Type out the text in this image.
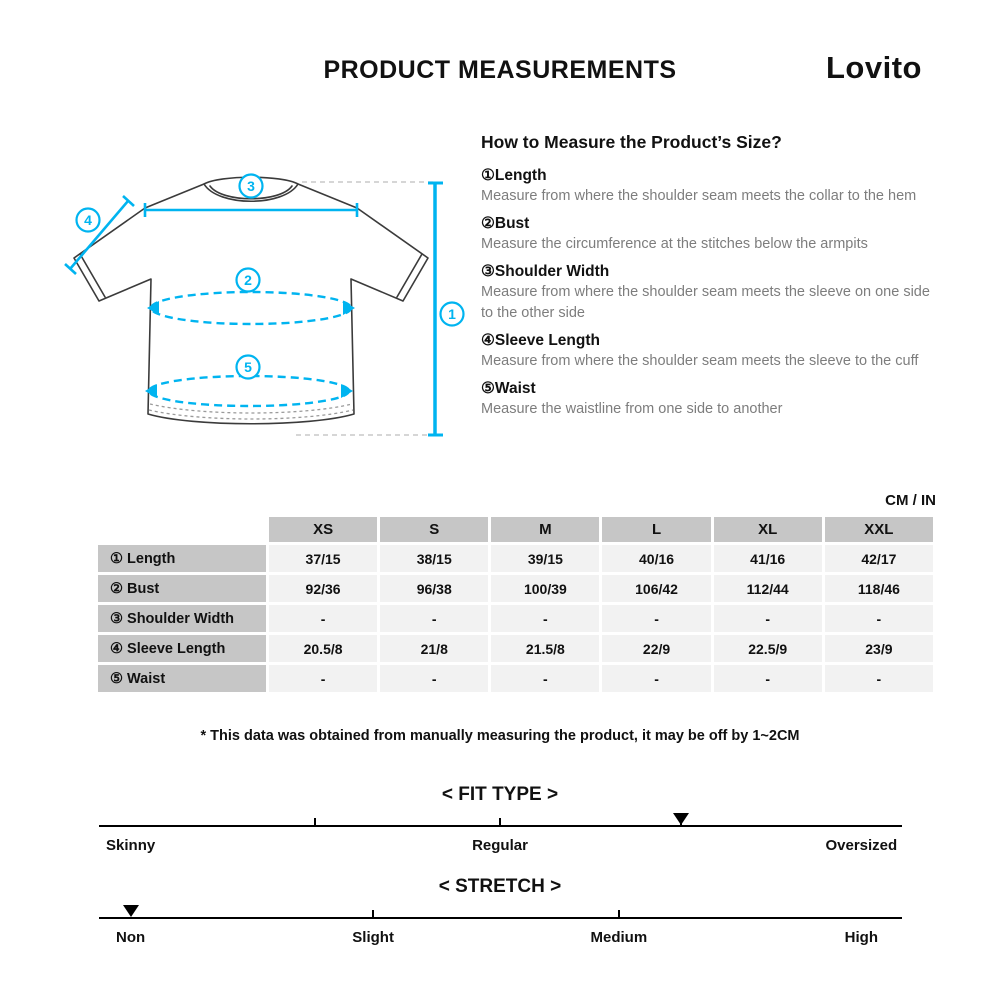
PRODUCT MEASUREMENTS	Lovito
3
4
2
5
1
How to Measure the Product’s Size?
①Length
Measure from where the shoulder seam meets the collar to the hem
②Bust
Measure the circumference at the stitches below the armpits
③Shoulder Width
Measure from where the shoulder seam meets the sleeve on one side to the other side
④Sleeve Length
Measure from where the shoulder seam meets the sleeve to the cuff
⑤Waist
Measure the waistline from one side to another
CM / IN
	XS	S	M	L	XL	XXL
① Length	37/15	38/15	39/15	40/16	41/16	42/17
② Bust	92/36	96/38	100/39	106/42	112/44	118/46
③ Shoulder Width	-	-	-	-	-	-
④ Sleeve Length	20.5/8	21/8	21.5/8	22/9	22.5/9	23/9
⑤ Waist	-	-	-	-	-	-
* This data was obtained from manually measuring the product, it may be off by 1~2CM
< FIT TYPE >
Skinny	Regular	Oversized
< STRETCH >
Non	Slight	Medium	High
